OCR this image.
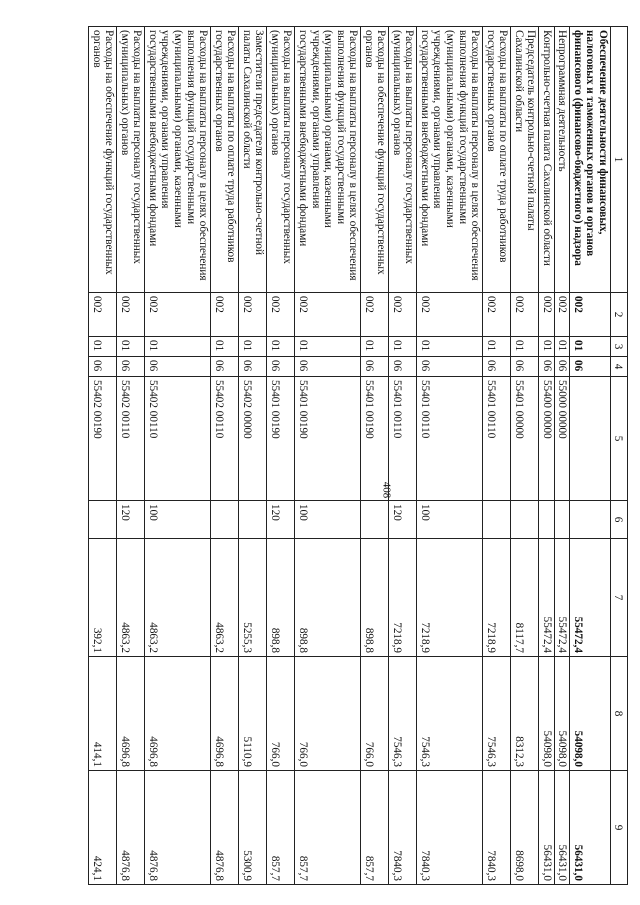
408
1	2	3	4	5	6	7	8	9
Обеспечение деятельности финансовых, налоговых и таможенных органов и органов финансового (финансово-бюджетного) надзора	002	01	06			55472,4	54098,0	56431,0
Непрограммная деятельность	002	01	06	55000 00000		55472,4	54098,0	56431,0
Контрольно-счетная палата Сахалинской области	002	01	06	55400 00000		55472,4	54098,0	56431,0
Председатель контрольно-счетной палаты Сахалинской области	002	01	06	55401 00000		8117,7	8312,3	8698,0
Расходы на выплаты по оплате труда работников государственных органов	002	01	06	55401 00110		7218,9	7546,3	7840,3
Расходы на выплаты персоналу в целях обеспечения выполнения функций государственными (муниципальными) органами, казенными учреждениями, органами управления государственными внебюджетными фондами	002	01	06	55401 00110	100	7218,9	7546,3	7840,3
Расходы на выплаты персоналу государственных (муниципальных) органов	002	01	06	55401 00110	120	7218,9	7546,3	7840,3
Расходы на обеспечение функций государственных органов	002	01	06	55401 00190		898,8	766,0	857,7
Расходы на выплаты персоналу в целях обеспечения выполнения функций государственными (муниципальными) органами, казенными учреждениями, органами управления государственными внебюджетными фондами	002	01	06	55401 00190	100	898,8	766,0	857,7
Расходы на выплаты персоналу государственных (муниципальных) органов	002	01	06	55401 00190	120	898,8	766,0	857,7
Заместители председателя контрольно-счетной палаты Сахалинской области	002	01	06	55402 00000		5255,3	5110,9	5300,9
Расходы на выплаты по оплате труда работников государственных органов	002	01	06	55402 00110		4863,2	4696,8	4876,8
Расходы на выплаты персоналу в целях обеспечения выполнения функций государственными (муниципальными) органами, казенными учреждениями, органами управления государственными внебюджетными фондами	002	01	06	55402 00110	100	4863,2	4696,8	4876,8
Расходы на выплаты персоналу государственных (муниципальных) органов	002	01	06	55402 00110	120	4863,2	4696,8	4876,8
Расходы на обеспечение функций государственных органов	002	01	06	55402 00190		392,1	414,1	424,1
